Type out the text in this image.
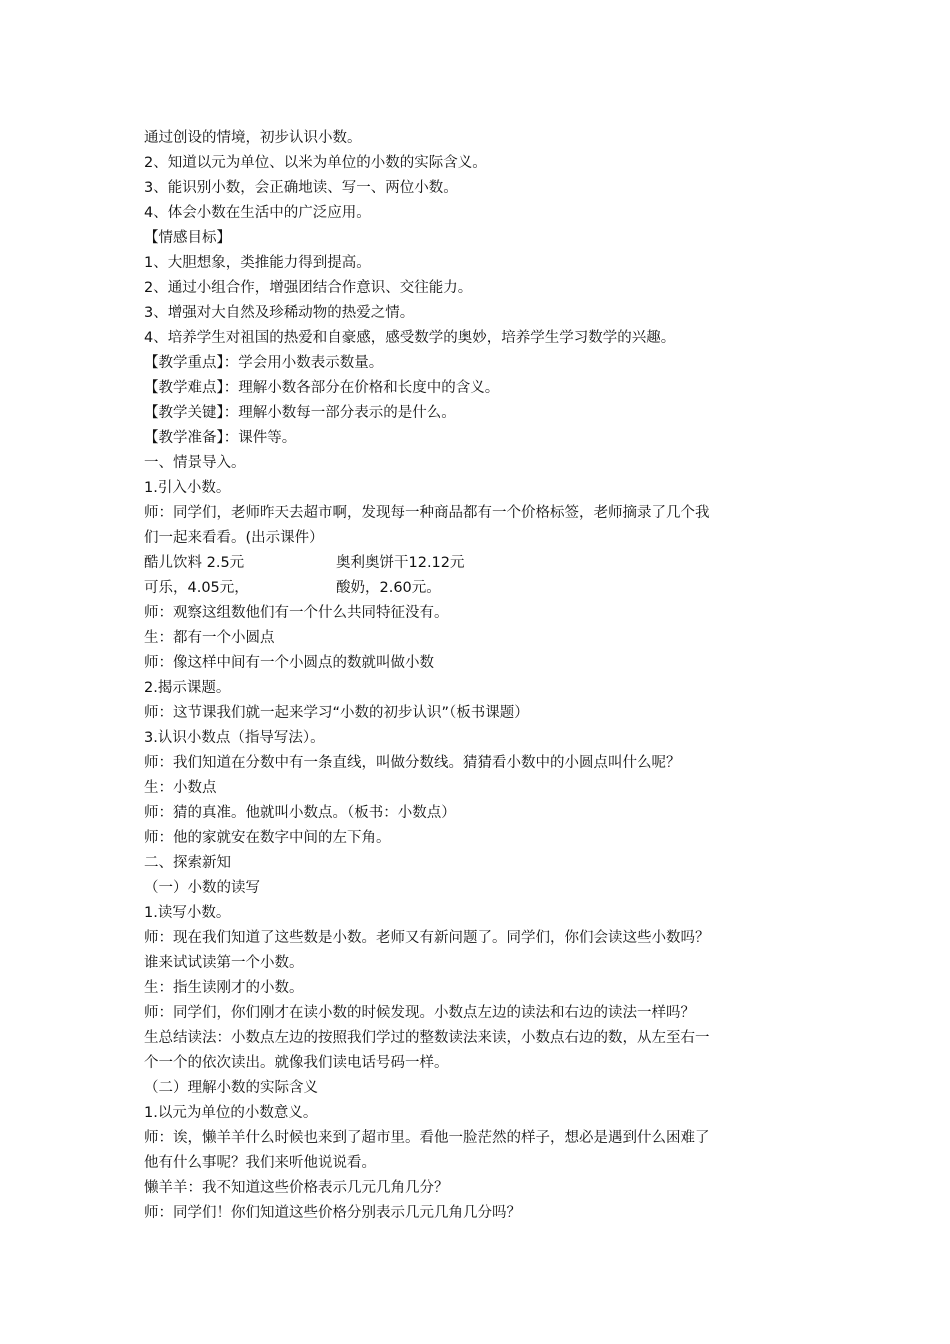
通过创设的情境，初步认识小数。
2、知道以元为单位、以米为单位的小数的实际含义。
3、能识别小数，会正确地读、写一、两位小数。
4、体会小数在生活中的广泛应用。
【情感目标】
1、大胆想象，类推能力得到提高。
2、通过小组合作，增强团结合作意识、交往能力。
3、增强对大自然及珍稀动物的热爱之情。
4、培养学生对祖国的热爱和自豪感，感受数学的奥妙，培养学生学习数学的兴趣。
【教学重点】：学会用小数表示数量。
【教学难点】：理解小数各部分在价格和长度中的含义。
【教学关键】：理解小数每一部分表示的是什么。
【教学准备】：课件等。
一、情景导入。
1.引入小数。
师：同学们，老师昨天去超市啊，发现每一种商品都有一个价格标签，老师摘录了几个我
们一起来看看。(出示课件）
酷儿饮料 2.5元	奥利奥饼干12.12元
可乐，4.05元，	酸奶，2.60元。
师：观察这组数他们有一个什么共同特征没有。
生：都有一个小圆点
师：像这样中间有一个小圆点的数就叫做小数
2.揭示课题。
师：这节课我们就一起来学习“小数的初步认识”（板书课题）
3.认识小数点（指导写法）。
师：我们知道在分数中有一条直线，叫做分数线。猜猜看小数中的小圆点叫什么呢？
生：小数点
师：猜的真准。他就叫小数点。（板书：小数点）
师：他的家就安在数字中间的左下角。
二、探索新知
（一）小数的读写
1.读写小数。
师：现在我们知道了这些数是小数。老师又有新问题了。同学们，你们会读这些小数吗？
谁来试试读第一个小数。
生：指生读刚才的小数。
师：同学们，你们刚才在读小数的时候发现。小数点左边的读法和右边的读法一样吗？
生总结读法：小数点左边的按照我们学过的整数读法来读，小数点右边的数，从左至右一
个一个的依次读出。就像我们读电话号码一样。
（二）理解小数的实际含义
1.以元为单位的小数意义。
师：诶，懒羊羊什么时候也来到了超市里。看他一脸茫然的样子，想必是遇到什么困难了
他有什么事呢？我们来听他说说看。
懒羊羊：我不知道这些价格表示几元几角几分？
师：同学们！你们知道这些价格分别表示几元几角几分吗？
